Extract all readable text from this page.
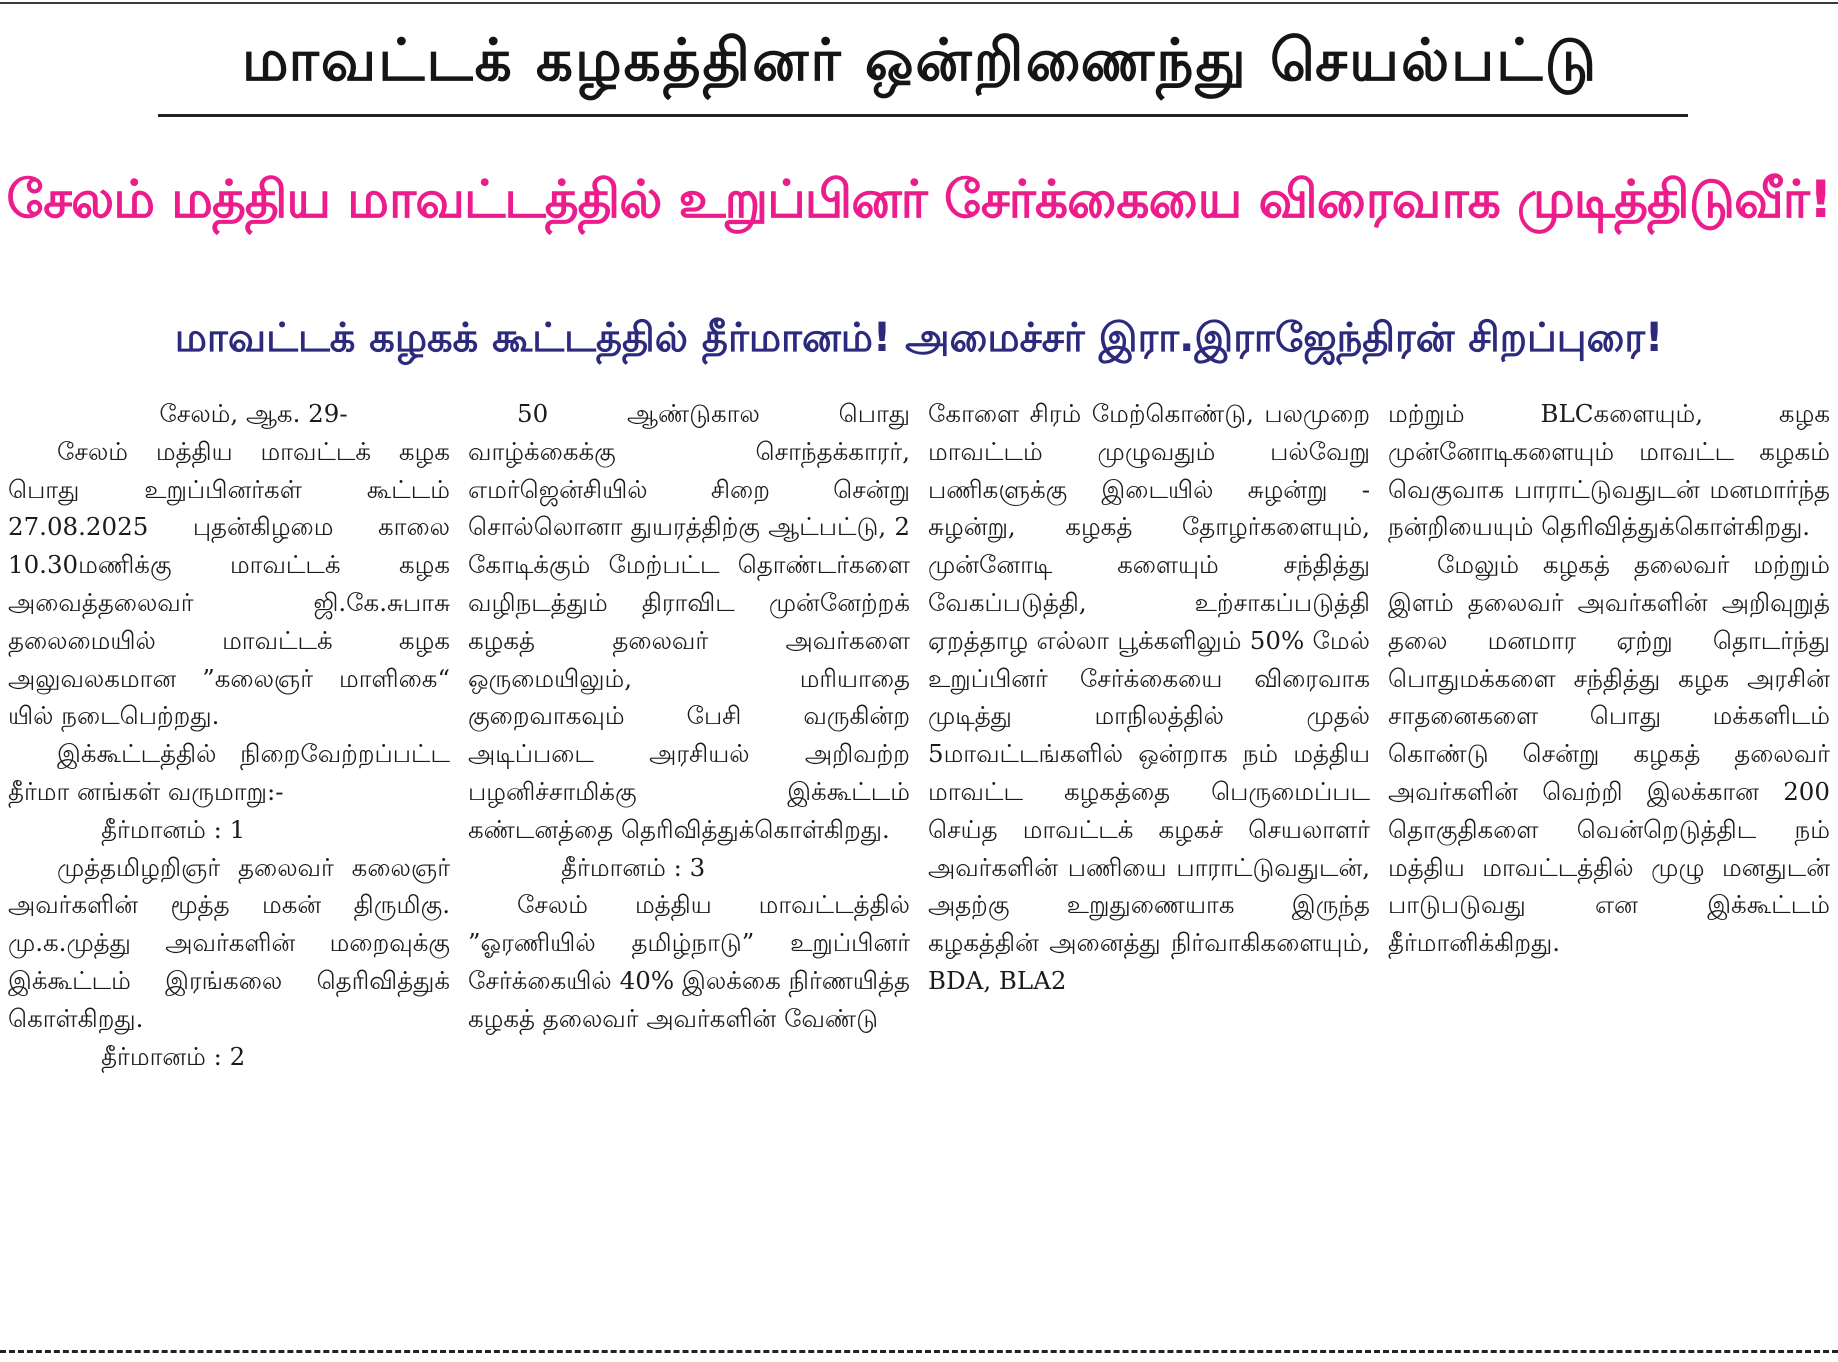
மாவட்டக் கழகத்தினர் ஒன்றிணைந்து செயல்பட்டு
சேலம் மத்திய மாவட்டத்தில் உறுப்பினர் சேர்க்கையை விரைவாக முடித்திடுவீர்!
மாவட்டக் கழகக் கூட்டத்தில் தீர்மானம்! அமைச்சர் இரா.இராஜேந்திரன் சிறப்புரை!

சேலம், ஆக. 29-

சேலம் மத்திய மாவட்டக் கழக பொது உறுப்பினர்கள் கூட்டம் 27.08.2025 புதன்கிழமை காலை 10.30மணிக்கு மாவட்டக் கழக அவைத்தலைவர் ஜி.கே.சுபாசு தலைமையில் மாவட்டக் கழக அலுவலகமான ”கலைஞர் மாளிகை“ யில் நடைபெற்றது.

இக்கூட்டத்தில் நிறைவேற்றப்பட்ட தீர்மா னங்கள் வருமாறு:-

தீர்மானம் : 1

முத்தமிழறிஞர் தலைவர் கலைஞர் அவர்களின் மூத்த மகன் திருமிகு. மு.க.முத்து அவர்களின் மறைவுக்கு இக்கூட்டம் இரங்கலை தெரிவித்துக் கொள்கிறது.

தீர்மானம் : 2

50 ஆண்டுகால பொது வாழ்க்கைக்கு சொந்தக்காரர், எமர்ஜென்சியில் சிறை சென்று சொல்லொனா துயரத்திற்கு ஆட்பட்டு, 2 கோடிக்கும் மேற்பட்ட தொண்டர்களை வழிநடத்தும் திராவிட முன்னேற்றக் கழகத் தலைவர் அவர்களை ஒருமையிலும், மரியாதை குறைவாகவும் பேசி வருகின்ற அடிப்படை அரசியல் அறிவற்ற பழனிச்சாமிக்கு இக்கூட்டம் கண்டனத்தை தெரிவித்துக்கொள்கிறது.

தீர்மானம் : 3

சேலம் மத்திய மாவட்டத்தில் ”ஓரணியில் தமிழ்நாடு” உறுப்பினர் சேர்க்கையில் 40% இலக்கை நிர்ணயித்த கழகத் தலைவர் அவர்களின் வேண்டு

கோளை சிரம் மேற்கொண்டு, பலமுறை மாவட்டம் முழுவதும் பல்வேறு பணிகளுக்கு இடையில் சுழன்று - சுழன்று, கழகத் தோழர்களையும், முன்னோடி களையும் சந்தித்து வேகப்படுத்தி, உற்சாகப்படுத்தி ஏறத்தாழ எல்லா பூக்களிலும் 50% மேல் உறுப்பினர் சேர்க்கையை விரைவாக முடித்து மாநிலத்தில் முதல் 5மாவட்டங்களில் ஒன்றாக நம் மத்திய மாவட்ட கழகத்தை பெருமைப்பட செய்த மாவட்டக் கழகச் செயலாளர் அவர்களின் பணியை பாராட்டுவதுடன், அதற்கு உறுதுணையாக இருந்த கழகத்தின் அனைத்து நிர்வாகிகளையும், BDA, BLA2

மற்றும் BLCகளையும், கழக முன்னோடிகளையும் மாவட்ட கழகம் வெகுவாக பாராட்டுவதுடன் மனமார்ந்த நன்றியையும் தெரிவித்துக்கொள்கிறது.

மேலும் கழகத் தலைவர் மற்றும் இளம் தலைவர் அவர்களின் அறிவுறுத் தலை மனமார ஏற்று தொடர்ந்து பொதுமக்களை சந்தித்து கழக அரசின் சாதனைகளை பொது மக்களிடம் கொண்டு சென்று கழகத் தலைவர் அவர்களின் வெற்றி இலக்கான 200 தொகுதிகளை வென்றெடுத்திட நம் மத்திய மாவட்டத்தில் முழு மனதுடன் பாடுபடுவது என இக்கூட்டம் தீர்மானிக்கிறது.
